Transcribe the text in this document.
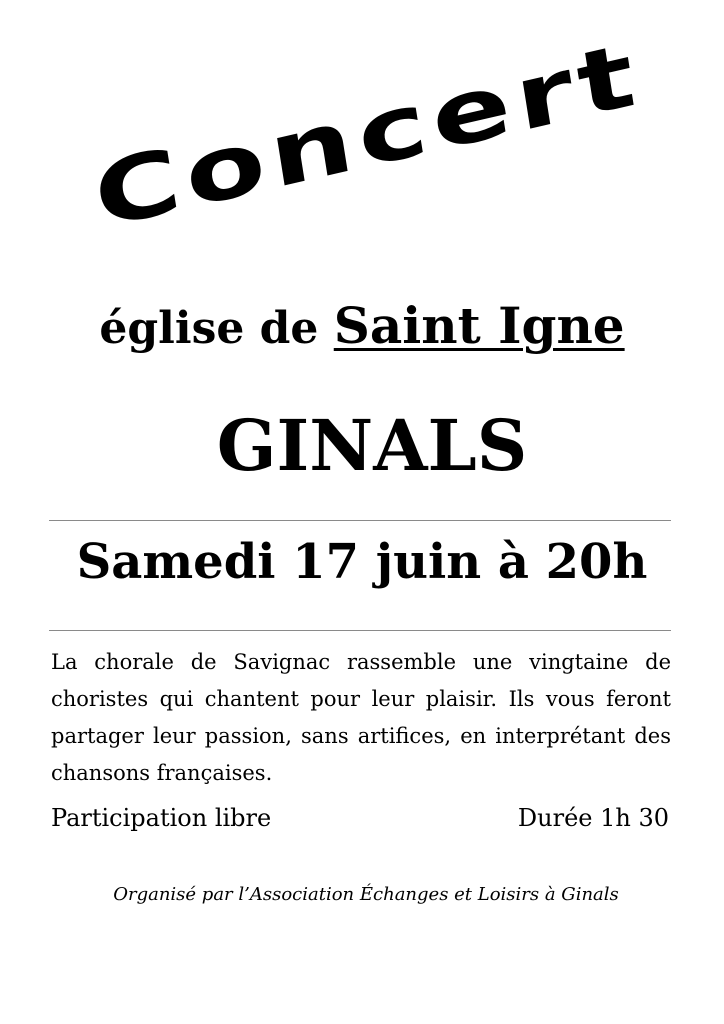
Concert
église de Saint Igne
GINALS
Samedi 17 juin à 20h
La chorale de Savignac rassemble une vingtaine de choristes qui chantent pour leur plaisir. Ils vous feront partager leur passion, sans artifices, en interprétant des chansons françaises.
Participation libre	Durée 1h 30
Organisé par l’Association Échanges et Loisirs à Ginals
